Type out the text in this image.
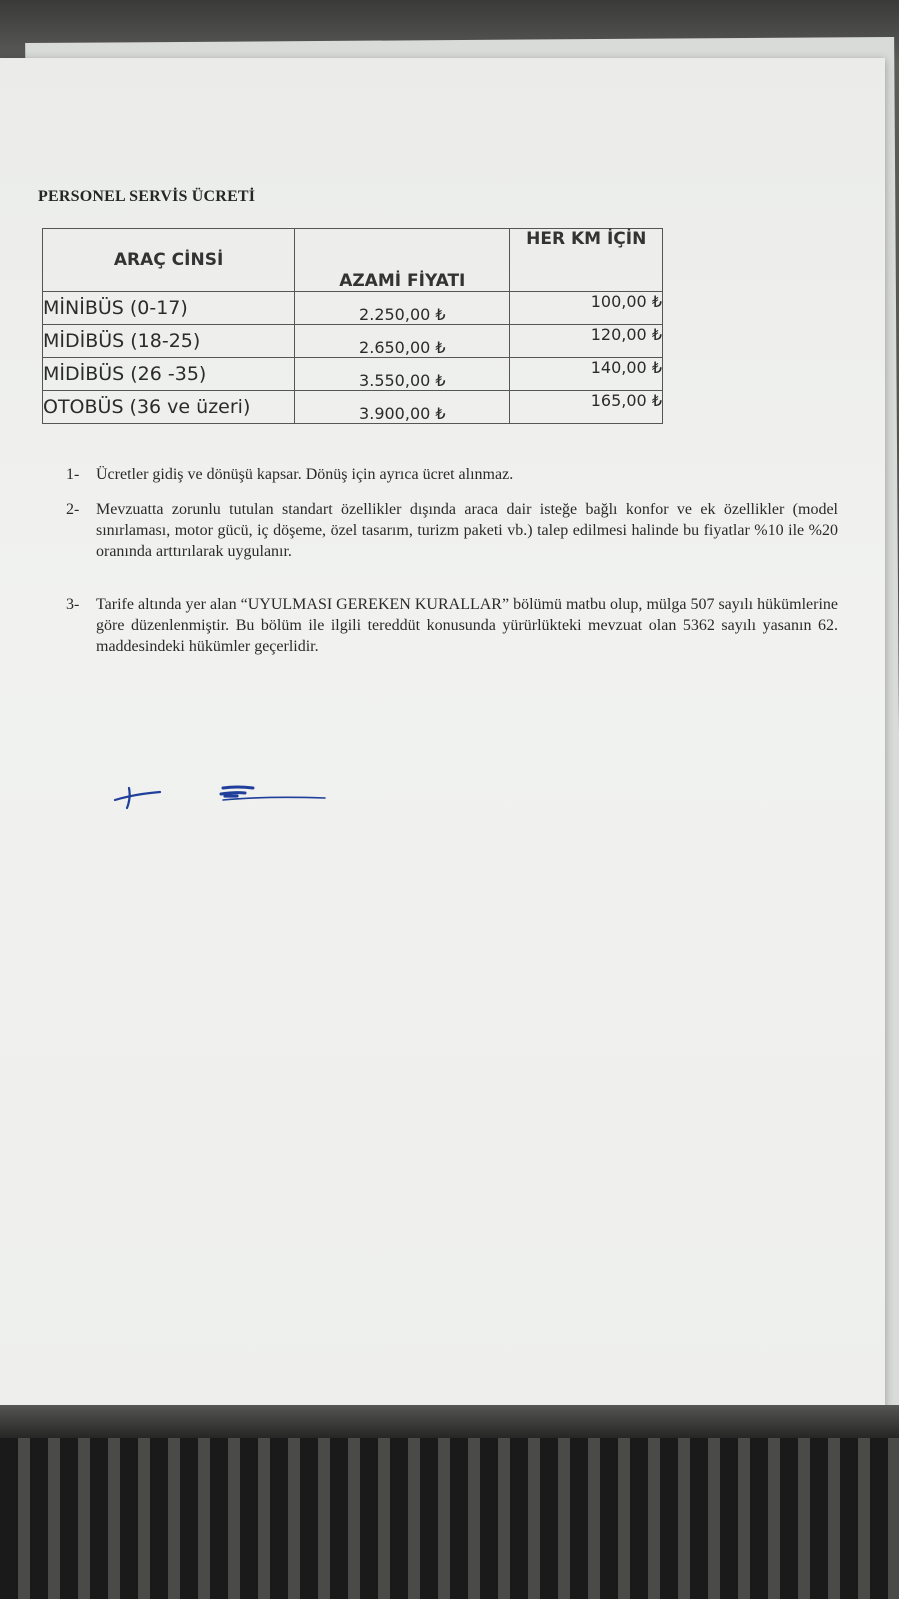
PERSONEL SERVİS ÜCRETİ
ARAÇ CİNSİ	AZAMİ FİYATI	HER KM İÇİN
MİNİBÜS (0-17)	2.250,00 ₺	100,00 ₺
MİDİBÜS (18-25)	2.650,00 ₺	120,00 ₺
MİDİBÜS (26 -35)	3.550,00 ₺	140,00 ₺
OTOBÜS (36 ve üzeri)	3.900,00 ₺	165,00 ₺
1-	Ücretler gidiş ve dönüşü kapsar. Dönüş için ayrıca ücret alınmaz.
2-	Mevzuatta zorunlu tutulan standart özellikler dışında araca dair isteğe bağlı konfor ve ek özellikler (model sınırlaması, motor gücü, iç döşeme, özel tasarım, turizm paketi vb.) talep edilmesi halinde bu fiyatlar %10 ile %20 oranında arttırılarak uygulanır.
3-	Tarife altında yer alan “UYULMASI GEREKEN KURALLAR” bölümü matbu olup, mülga 507 sayılı hükümlerine göre düzenlenmiştir. Bu bölüm ile ilgili tereddüt konusunda yürürlükteki mevzuat olan 5362 sayılı yasanın 62. maddesindeki hükümler geçerlidir.
